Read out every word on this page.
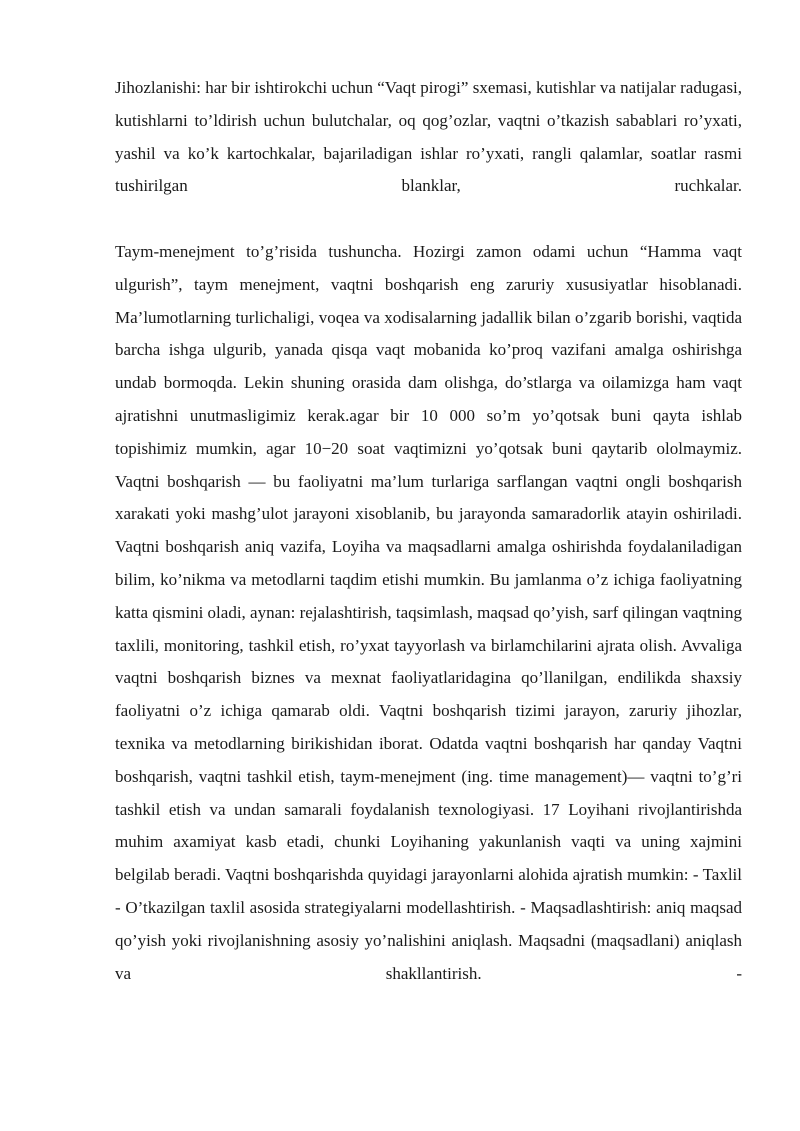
Jihozlanishi: har bir ishtirokchi uchun “Vaqt pirogi” sxemasi, kutishlar va natijalar radugasi, kutishlarni to’ldirish uchun bulutchalar, oq qog’ozlar, vaqtni o’tkazish sabablari ro’yxati, yashil va ko’k kartochkalar, bajariladigan ishlar ro’yxati, rangli qalamlar, soatlar rasmi tushirilgan blanklar, ruchkalar.

Taym-menejment to’g’risida tushuncha. Hozirgi zamon odami uchun “Hamma vaqt ulgurish”, taym menejment, vaqtni boshqarish eng zaruriy xususiyatlar hisoblanadi. Ma’lumotlarning turlichaligi, voqea va xodisalarning jadallik bilan o’zgarib borishi, vaqtida barcha ishga ulgurib, yanada qisqa vaqt mobanida ko’proq vazifani amalga oshirishga undab bormoqda. Lekin shuning orasida dam olishga, do’stlarga va oilamizga ham vaqt ajratishni unutmasligimiz kerak.agar bir 10 000 so’m yo’qotsak buni qayta ishlab topishimiz mumkin, agar 10−20 soat vaqtimizni yo’qotsak buni qaytarib ololmaymiz. Vaqtni boshqarish — bu faoliyatni ma’lum turlariga sarflangan vaqtni ongli boshqarish xarakati yoki mashg’ulot jarayoni xisoblanib, bu jarayonda samaradorlik atayin oshiriladi. Vaqtni boshqarish aniq vazifa, Loyiha va maqsadlarni amalga oshirishda foydalaniladigan bilim, ko’nikma va metodlarni taqdim etishi mumkin. Bu jamlanma o’z ichiga faoliyatning katta qismini oladi, aynan: rejalashtirish, taqsimlash, maqsad qo’yish, sarf qilingan vaqtning taxlili, monitoring, tashkil etish, ro’yxat tayyorlash va birlamchilarini ajrata olish. Avvaliga vaqtni boshqarish biznes va mexnat faoliyatlaridagina qo’llanilgan, endilikda shaxsiy faoliyatni o’z ichiga qamarab oldi. Vaqtni boshqarish tizimi jarayon, zaruriy jihozlar, texnika va metodlarning birikishidan iborat. Odatda vaqtni boshqarish har qanday Vaqtni boshqarish, vaqtni tashkil etish, taym-menejment (ing. time management)— vaqtni to’g’ri tashkil etish va undan samarali foydalanish texnologiyasi. 17 Loyihani rivojlantirishda muhim axamiyat kasb etadi, chunki Loyihaning yakunlanish vaqti va uning xajmini belgilab beradi. Vaqtni boshqarishda quyidagi jarayonlarni alohida ajratish mumkin: - Taxlil - O’tkazilgan taxlil asosida strategiyalarni modellashtirish. - Maqsadlashtirish: aniq maqsad qo’yish yoki rivojlanishning asosiy yo’nalishini aniqlash. Maqsadni (maqsadlani) aniqlash va shakllantirish. -
